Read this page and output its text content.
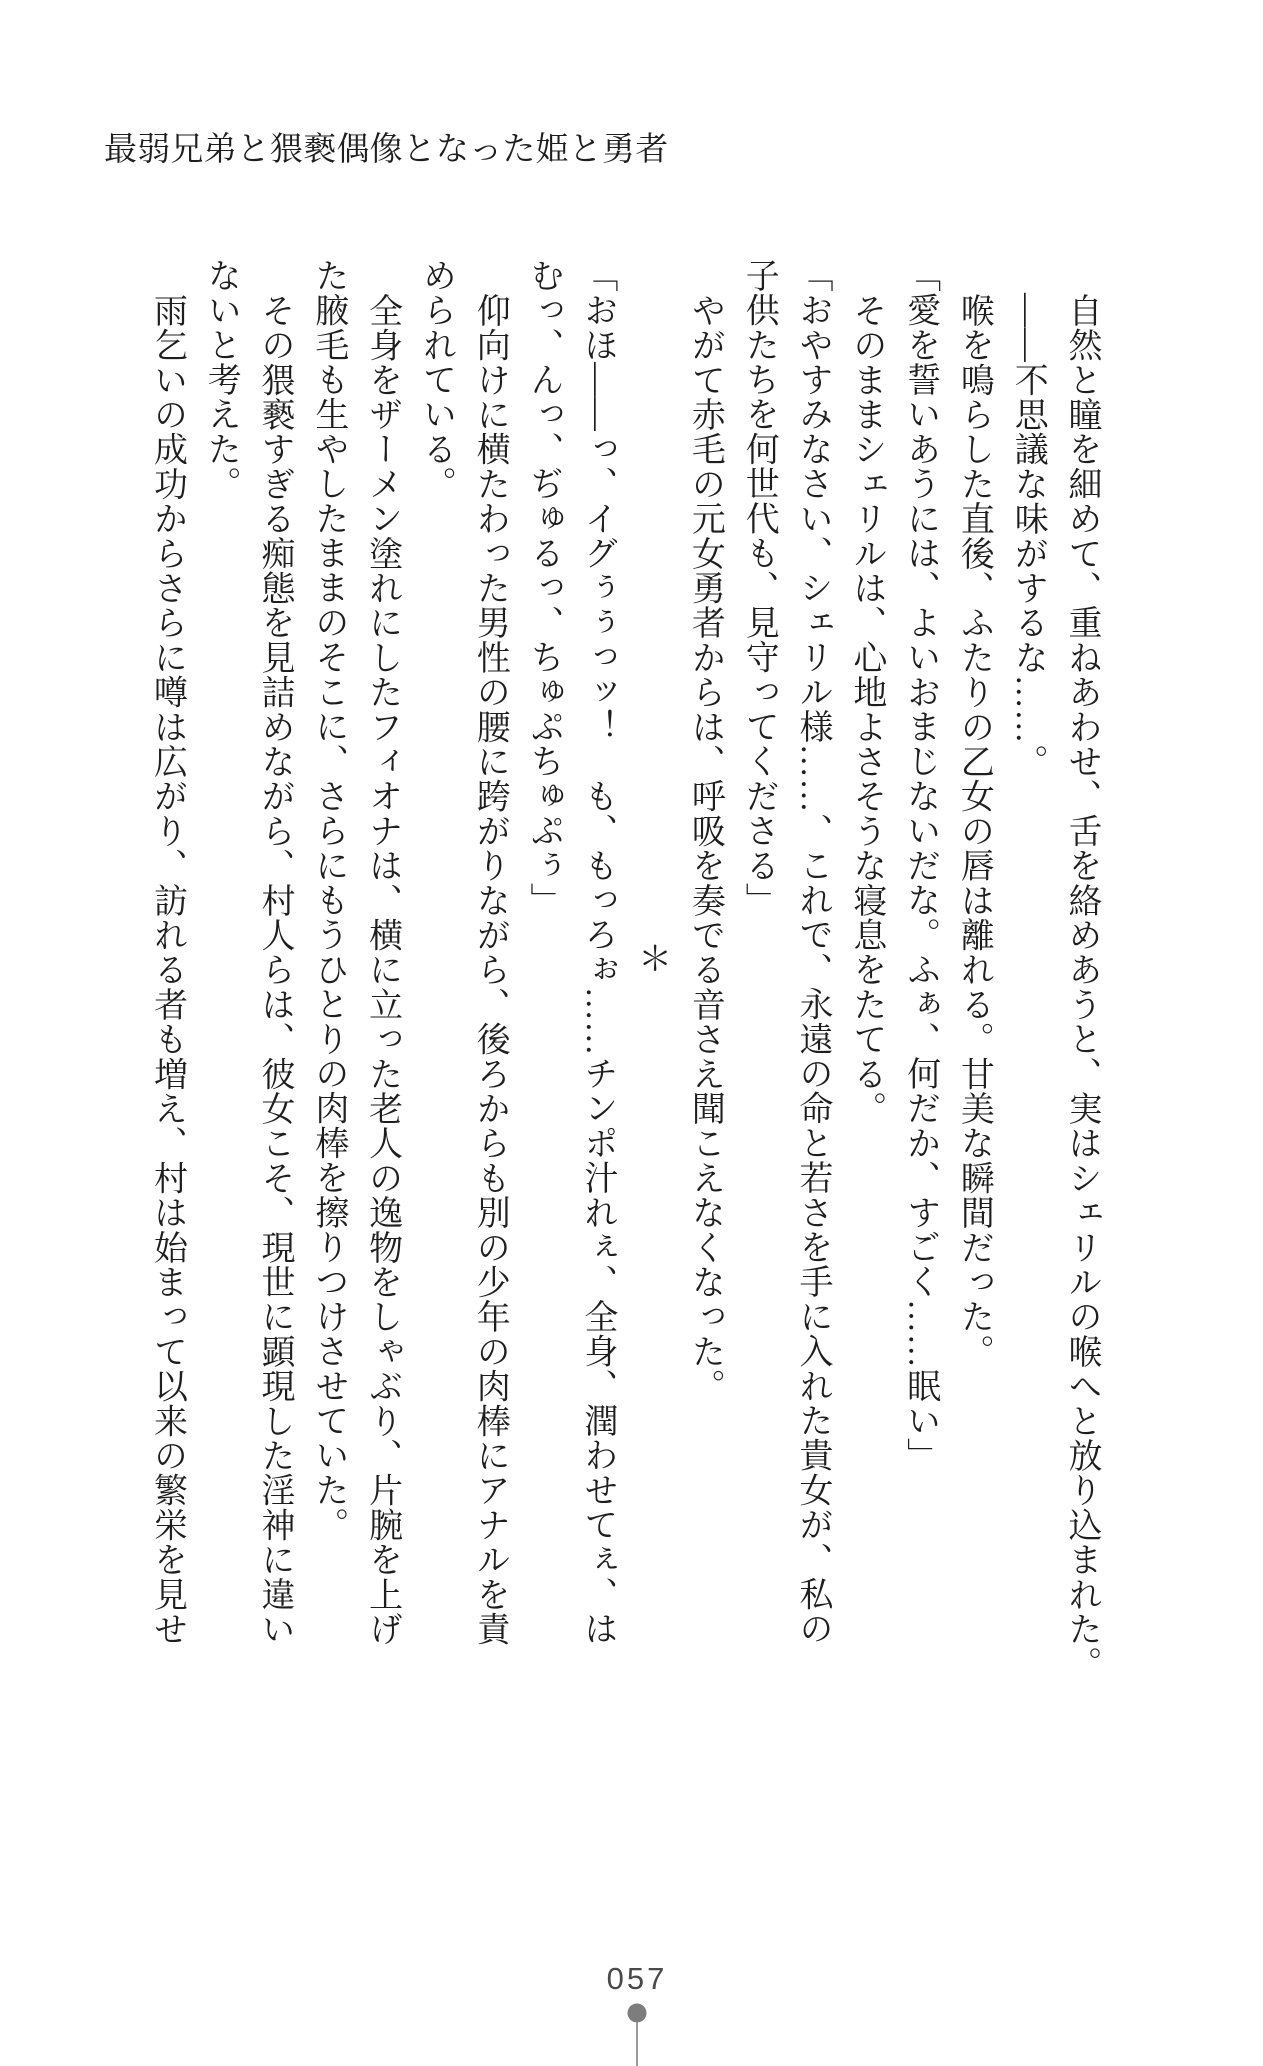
最弱兄弟と猥褻偶像となった姫と勇者

自然と瞳を細めて、重ねあわせ、舌を絡めあうと、実はシェリルの喉へと放り込まれた。

――不思議な味がするな……。

喉を鳴らした直後、ふたりの乙女の唇は離れる。甘美な瞬間だった。

「愛を誓いあうには、よいおまじないだな。ふぁ、何だか、すごく……眠い」

そのままシェリルは、心地よさそうな寝息をたてる。

「おやすみなさい、シェリル様……、これで、永遠の命と若さを手に入れた貴女が、私の

子供たちを何世代も、見守ってくださる」

やがて赤毛の元女勇者からは、呼吸を奏でる音さえ聞こえなくなった。

＊

「おほ――っ、イグぅぅっッ！　も、もっろぉ……チンポ汁れぇ、全身、潤わせてぇ、は

むっ、んっ、ぢゅるっ、ちゅぷちゅぷぅ」

仰向けに横たわった男性の腰に跨がりながら、後ろからも別の少年の肉棒にアナルを責

められている。

全身をザーメン塗れにしたフィオナは、横に立った老人の逸物をしゃぶり、片腕を上げ

た腋毛も生やしたままのそこに、さらにもうひとりの肉棒を擦りつけさせていた。

その猥褻すぎる痴態を見詰めながら、村人らは、彼女こそ、現世に顕現した淫神に違い

ないと考えた。

雨乞いの成功からさらに噂は広がり、訪れる者も増え、村は始まって以来の繁栄を見せ

057
